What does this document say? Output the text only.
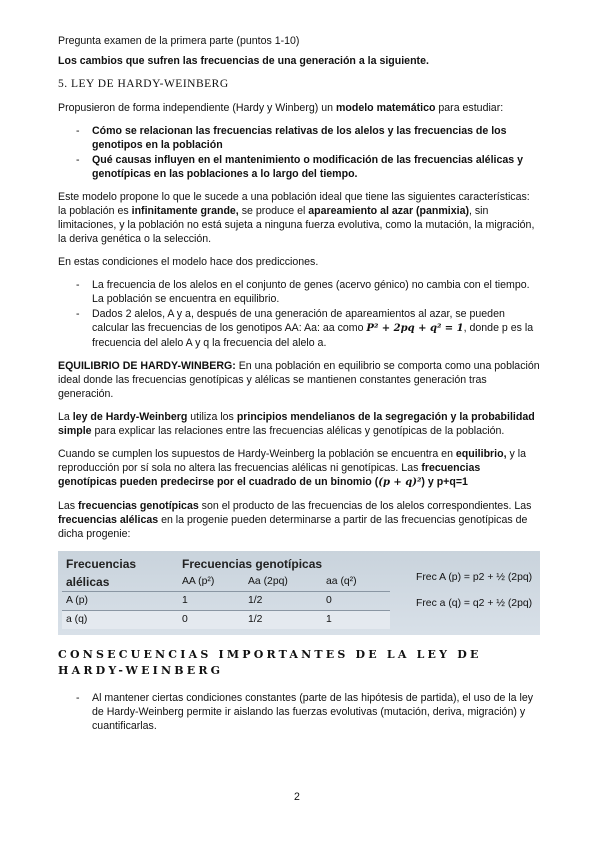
Pregunta examen de la primera parte (puntos 1-10)

Los cambios que sufren las frecuencias de una generación a la siguiente.

5. LEY DE HARDY-WEINBERG

Propusieron de forma independiente (Hardy y Winberg) un modelo matemático para estudiar:

- Cómo se relacionan las frecuencias relativas de los alelos y las frecuencias de los genotipos en la población
- Qué causas influyen en el mantenimiento o modificación de las frecuencias alélicas y genotípicas en las poblaciones a lo largo del tiempo.

Este modelo propone lo que le sucede a una población ideal que tiene las siguientes características: la población es infinitamente grande, se produce el apareamiento al azar (panmixia), sin limitaciones, y la población no está sujeta a ninguna fuerza evolutiva, como la mutación, la migración, la deriva genética o la selección.

En estas condiciones el modelo hace dos predicciones.

- La frecuencia de los alelos en el conjunto de genes (acervo génico) no cambia con el tiempo. La población se encuentra en equilibrio.
- Dados 2 alelos, A y a, después de una generación de apareamientos al azar, se pueden calcular las frecuencias de los genotipos AA: Aa: aa como P² + 2pq + q² = 1, donde p es la frecuencia del alelo A y q la frecuencia del alelo a.

EQUILIBRIO DE HARDY-WINBERG: En una población en equilibrio se comporta como una población ideal donde las frecuencias genotípicas y alélicas se mantienen constantes generación tras generación.

La ley de Hardy-Weinberg utiliza los principios mendelianos de la segregación y la probabilidad simple para explicar las relaciones entre las frecuencias alélicas y genotípicas de la población.

Cuando se cumplen los supuestos de Hardy-Weinberg la población se encuentra en equilibrio, y la reproducción por sí sola no altera las frecuencias alélicas ni genotípicas. Las frecuencias genotípicas pueden predecirse por el cuadrado de un binomio ((p + q)²) y p+q=1

Las frecuencias genotípicas son el producto de las frecuencias de los alelos correspondientes. Las frecuencias alélicas en la progenie pueden determinarse a partir de las frecuencias genotípicas de dicha progenie:

Frecuencias	Frecuencias genotípicas		
alélicas	AA (p²)	Aa (2pq)	aa (q²)
A (p)	1	1/2	0
a (q)	0	1/2	1
Frec A (p) = p2 + ½ (2pq)
Frec a (q) = q2 + ½ (2pq)
CONSECUENCIAS IMPORTANTES DE LA LEY DE HARDY-WEINBERG
- Al mantener ciertas condiciones constantes (parte de las hipótesis de partida), el uso de la ley de Hardy-Weinberg permite ir aislando las fuerzas evolutivas (mutación, deriva, migración) y cuantificarlas.
2
